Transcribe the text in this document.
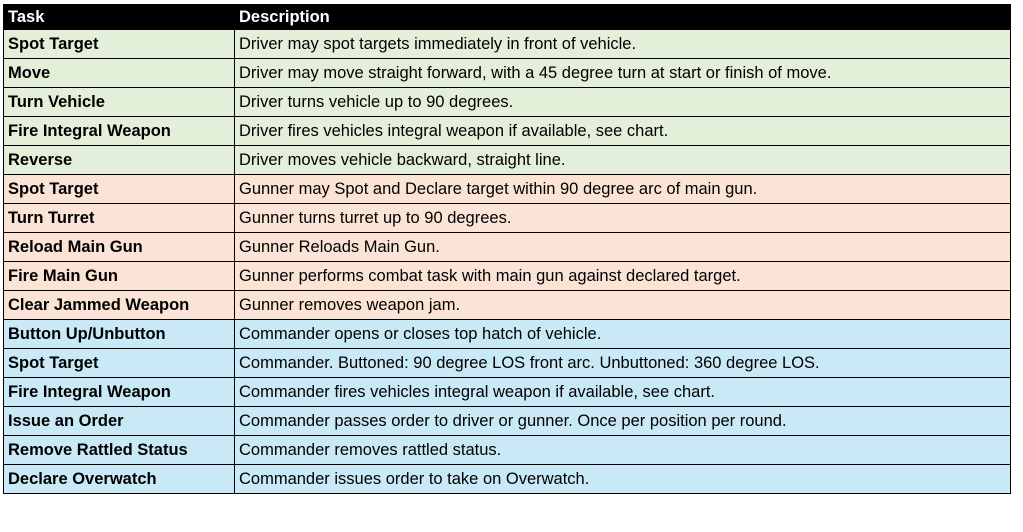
Task	Description
Spot Target	Driver may spot targets immediately in front of vehicle.
Move	Driver may move straight forward, with a 45 degree turn at start or finish of move.
Turn Vehicle	Driver turns vehicle up to 90 degrees.
Fire Integral Weapon	Driver fires vehicles integral weapon if available, see chart.
Reverse	Driver moves vehicle backward, straight line.
Spot Target	Gunner may Spot and Declare target within 90 degree arc of main gun.
Turn Turret	Gunner turns turret up to 90 degrees.
Reload Main Gun	Gunner Reloads Main Gun.
Fire Main Gun	Gunner performs combat task with main gun against declared target.
Clear Jammed Weapon	Gunner removes weapon jam.
Button Up/Unbutton	Commander opens or closes top hatch of vehicle.
Spot Target	Commander. Buttoned: 90 degree LOS front arc. Unbuttoned: 360 degree LOS.
Fire Integral Weapon	Commander fires vehicles integral weapon if available, see chart.
Issue an Order	Commander passes order to driver or gunner. Once per position per round.
Remove Rattled Status	Commander removes rattled status.
Declare Overwatch	Commander issues order to take on Overwatch.
